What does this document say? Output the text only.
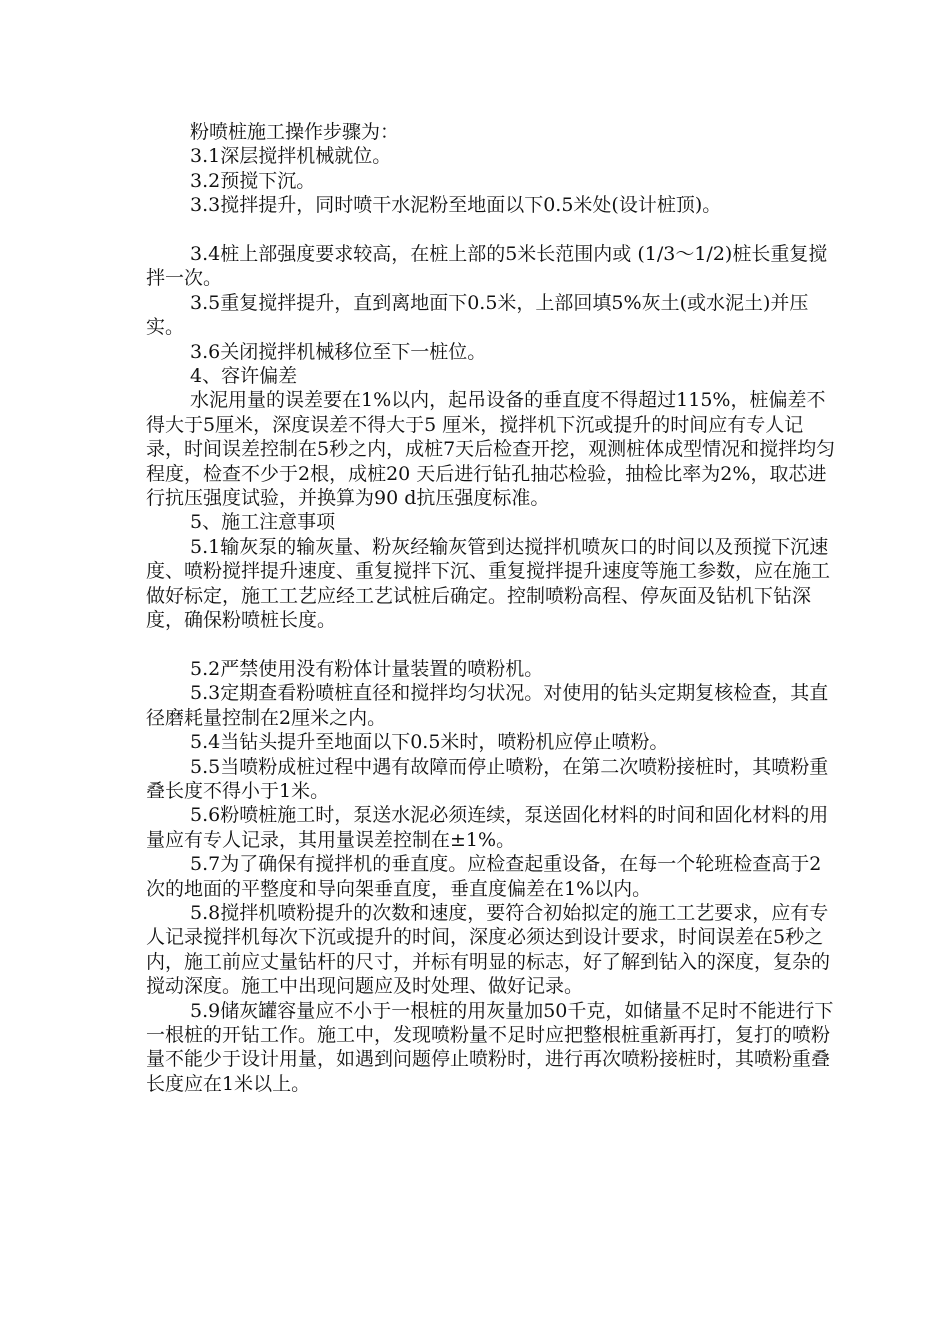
粉喷桩施工操作步骤为：

3.1深层搅拌机械就位。

3.2预搅下沉。

3.3搅拌提升，同时喷干水泥粉至地面以下0.5米处(设计桩顶)。

3.4桩上部强度要求较高，在桩上部的5米长范围内或 (1/3～1/2)桩长重复搅拌一次。

3.5重复搅拌提升，直到离地面下0.5米，上部回填5%灰土(或水泥土)并压实。

3.6关闭搅拌机械移位至下一桩位。

4、容许偏差

水泥用量的误差要在1%以内，起吊设备的垂直度不得超过115%，桩偏差不得大于5厘米，深度误差不得大于5 厘米，搅拌机下沉或提升的时间应有专人记录，时间误差控制在5秒之内，成桩7天后检查开挖，观测桩体成型情况和搅拌均匀程度，检查不少于2根，成桩20 天后进行钻孔抽芯检验，抽检比率为2%，取芯进行抗压强度试验，并换算为90 d抗压强度标准。

5、施工注意事项

5.1输灰泵的输灰量、粉灰经输灰管到达搅拌机喷灰口的时间以及预搅下沉速度、喷粉搅拌提升速度、重复搅拌下沉、重复搅拌提升速度等施工参数，应在施工做好标定，施工工艺应经工艺试桩后确定。控制喷粉高程、停灰面及钻机下钻深度，确保粉喷桩长度。

5.2严禁使用没有粉体计量装置的喷粉机。

5.3定期查看粉喷桩直径和搅拌均匀状况。对使用的钻头定期复核检查，其直径磨耗量控制在2厘米之内。

5.4当钻头提升至地面以下0.5米时，喷粉机应停止喷粉。

5.5当喷粉成桩过程中遇有故障而停止喷粉，在第二次喷粉接桩时，其喷粉重叠长度不得小于1米。

5.6粉喷桩施工时，泵送水泥必须连续，泵送固化材料的时间和固化材料的用量应有专人记录，其用量误差控制在±1%。

5.7为了确保有搅拌机的垂直度。应检查起重设备，在每一个轮班检查高于2次的地面的平整度和导向架垂直度，垂直度偏差在1%以内。

5.8搅拌机喷粉提升的次数和速度，要符合初始拟定的施工工艺要求，应有专人记录搅拌机每次下沉或提升的时间，深度必须达到设计要求，时间误差在5秒之内，施工前应丈量钻杆的尺寸，并标有明显的标志，好了解到钻入的深度，复杂的搅动深度。施工中出现问题应及时处理、做好记录。

5.9储灰罐容量应不小于一根桩的用灰量加50千克，如储量不足时不能进行下一根桩的开钻工作。施工中，发现喷粉量不足时应把整根桩重新再打，复打的喷粉量不能少于设计用量，如遇到问题停止喷粉时，进行再次喷粉接桩时，其喷粉重叠长度应在1米以上。
